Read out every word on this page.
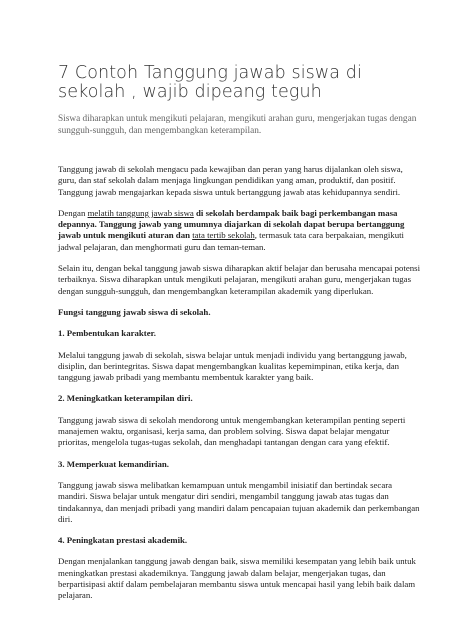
7 Contoh Tanggung jawab siswa di sekolah , wajib dipeang teguh

Siswa diharapkan untuk mengikuti pelajaran, mengikuti arahan guru, mengerjakan tugas dengan sungguh-sungguh, dan mengembangkan keterampilan.

Tanggung jawab di sekolah mengacu pada kewajiban dan peran yang harus dijalankan oleh siswa, guru, dan staf sekolah dalam menjaga lingkungan pendidikan yang aman, produktif, dan positif. Tanggung jawab mengajarkan kepada siswa untuk bertanggung jawab atas kehidupannya sendiri.

Dengan melatih tanggung jawab siswa di sekolah berdampak baik bagi perkembangan masa depannya. Tanggung jawab yang umumnya diajarkan di sekolah dapat berupa bertanggung jawab untuk mengikuti aturan dan tata tertib sekolah, termasuk tata cara berpakaian, mengikuti jadwal pelajaran, dan menghormati guru dan teman-teman.

Selain itu, dengan bekal tanggung jawab siswa diharapkan aktif belajar dan berusaha mencapai potensi terbaiknya. Siswa diharapkan untuk mengikuti pelajaran, mengikuti arahan guru, mengerjakan tugas dengan sungguh-sungguh, dan mengembangkan keterampilan akademik yang diperlukan.

Fungsi tanggung jawab siswa di sekolah.

1. Pembentukan karakter.

Melalui tanggung jawab di sekolah, siswa belajar untuk menjadi individu yang bertanggung jawab, disiplin, dan berintegritas. Siswa dapat mengembangkan kualitas kepemimpinan, etika kerja, dan tanggung jawab pribadi yang membantu membentuk karakter yang baik.

2. Meningkatkan keterampilan diri.

Tanggung jawab siswa di sekolah mendorong untuk mengembangkan keterampilan penting seperti manajemen waktu, organisasi, kerja sama, dan problem solving. Siswa dapat belajar mengatur prioritas, mengelola tugas-tugas sekolah, dan menghadapi tantangan dengan cara yang efektif.

3. Memperkuat kemandirian.

Tanggung jawab siswa melibatkan kemampuan untuk mengambil inisiatif dan bertindak secara mandiri. Siswa belajar untuk mengatur diri sendiri, mengambil tanggung jawab atas tugas dan tindakannya, dan menjadi pribadi yang mandiri dalam pencapaian tujuan akademik dan perkembangan diri.

4. Peningkatan prestasi akademik.

Dengan menjalankan tanggung jawab dengan baik, siswa memiliki kesempatan yang lebih baik untuk meningkatkan prestasi akademiknya. Tanggung jawab dalam belajar, mengerjakan tugas, dan berpartisipasi aktif dalam pembelajaran membantu siswa untuk mencapai hasil yang lebih baik dalam pelajaran.
